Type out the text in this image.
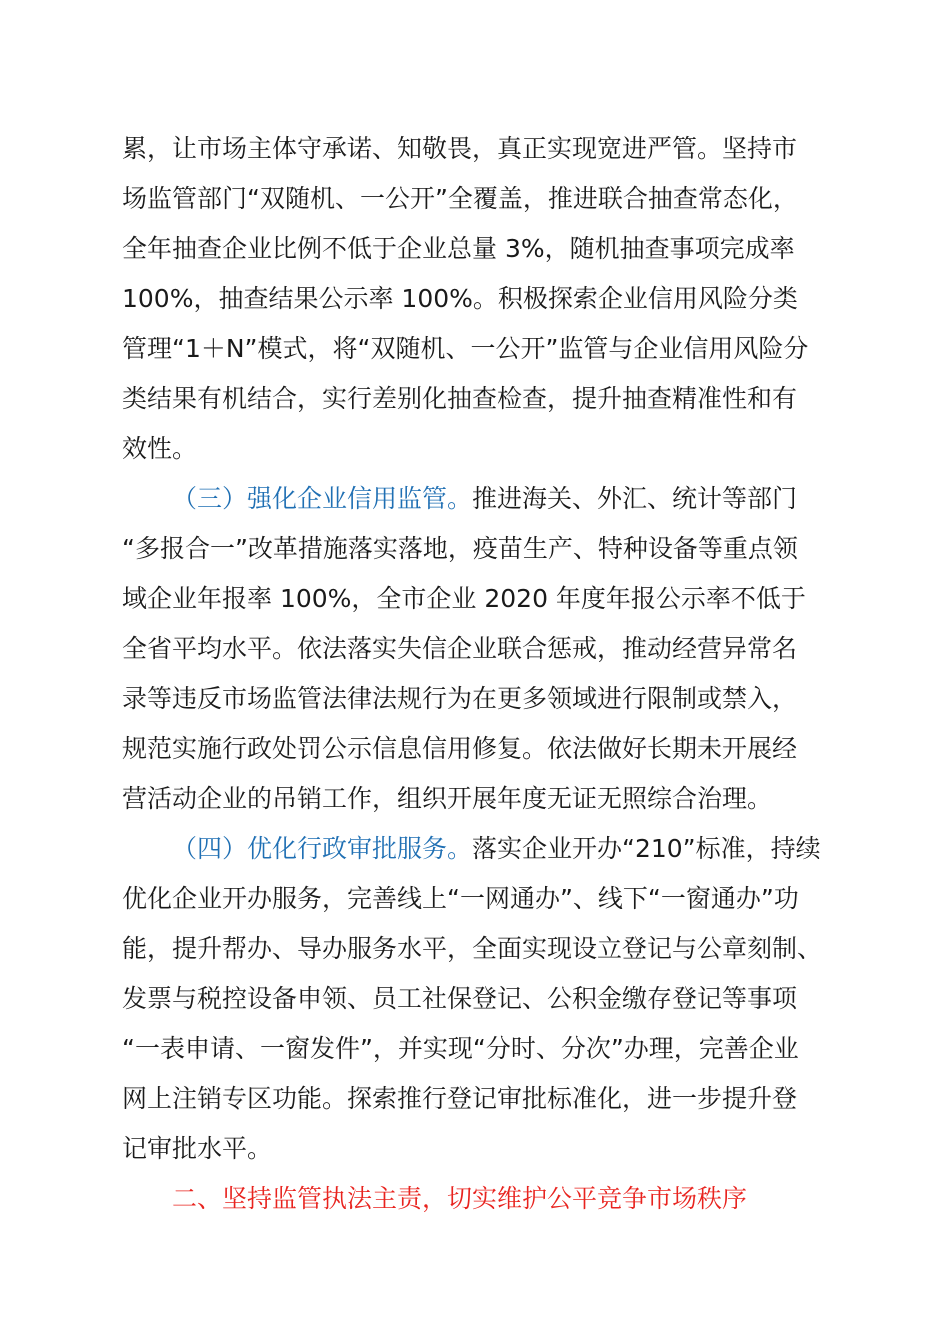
累，让市场主体守承诺、知敬畏，真正实现宽进严管。坚持市
场监管部门“双随机、一公开”全覆盖，推进联合抽查常态化，
全年抽查企业比例不低于企业总量 3%，随机抽查事项完成率
100%，抽查结果公示率 100%。积极探索企业信用风险分类
管理“1＋N”模式，将“双随机、一公开”监管与企业信用风险分
类结果有机结合，实行差别化抽查检查，提升抽查精准性和有
效性。
（三）强化企业信用监管。推进海关、外汇、统计等部门
“多报合一”改革措施落实落地，疫苗生产、特种设备等重点领
域企业年报率 100%，全市企业 2020 年度年报公示率不低于
全省平均水平。依法落实失信企业联合惩戒，推动经营异常名
录等违反市场监管法律法规行为在更多领域进行限制或禁入，
规范实施行政处罚公示信息信用修复。依法做好长期未开展经
营活动企业的吊销工作，组织开展年度无证无照综合治理。
（四）优化行政审批服务。落实企业开办“210”标准，持续
优化企业开办服务，完善线上“一网通办”、线下“一窗通办”功
能，提升帮办、导办服务水平，全面实现设立登记与公章刻制、
发票与税控设备申领、员工社保登记、公积金缴存登记等事项
“一表申请、一窗发件”，并实现“分时、分次”办理，完善企业
网上注销专区功能。探索推行登记审批标准化，进一步提升登
记审批水平。
二、坚持监管执法主责，切实维护公平竞争市场秩序
